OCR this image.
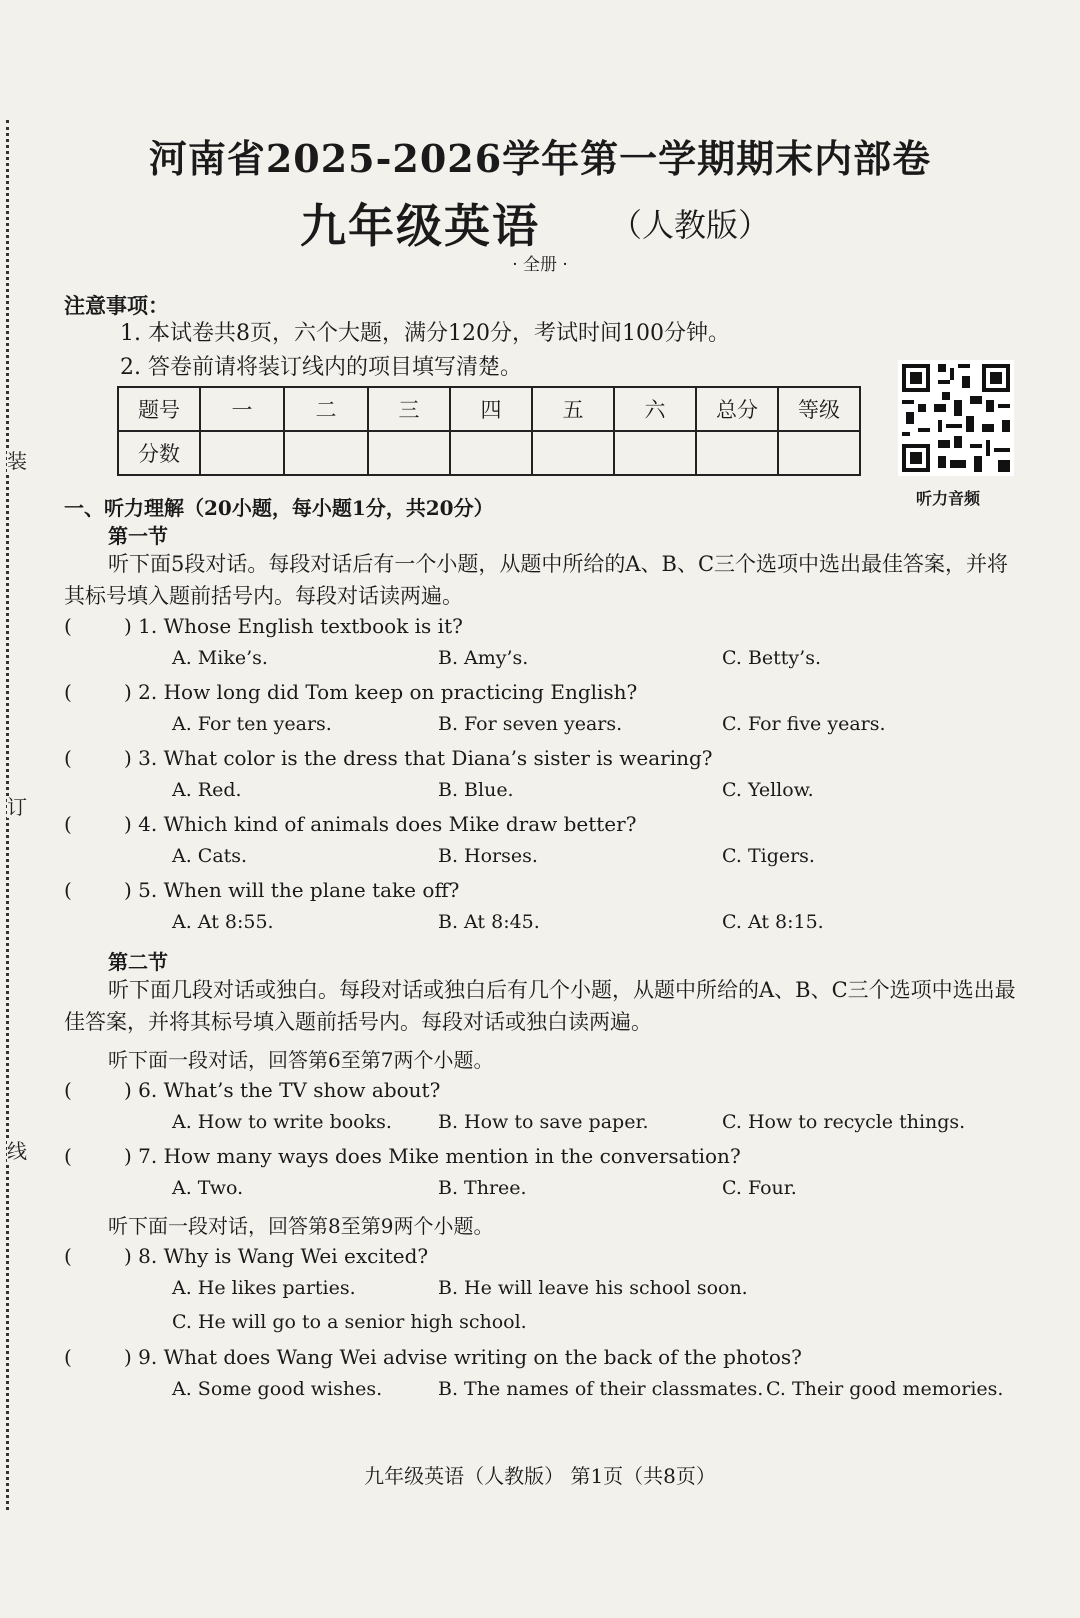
装
订
线
河南省2025-2026学年第一学期期末内部卷
九年级英语 （人教版）
· 全册 ·
注意事项：
1. 本试卷共8页，六个大题，满分120分，考试时间100分钟。
2. 答卷前请将装订线内的项目填写清楚。
题号	一	二	三	四	五	六	总分	等级
分数								
听力音频
一、听力理解（20小题，每小题1分，共20分）
第一节
听下面5段对话。每段对话后有一个小题，从题中所给的A、B、C三个选项中选出最佳答案，并将其标号填入题前括号内。每段对话读两遍。
(	) 1. Whose English textbook is it?
A. Mike’s.	B. Amy’s.	C. Betty’s.
(	) 2. How long did Tom keep on practicing English?
A. For ten years.	B. For seven years.	C. For five years.
(	) 3. What color is the dress that Diana’s sister is wearing?
A. Red.	B. Blue.	C. Yellow.
(	) 4. Which kind of animals does Mike draw better?
A. Cats.	B. Horses.	C. Tigers.
(	) 5. When will the plane take off?
A. At 8:55.	B. At 8:45.	C. At 8:15.
第二节
听下面几段对话或独白。每段对话或独白后有几个小题，从题中所给的A、B、C三个选项中选出最佳答案，并将其标号填入题前括号内。每段对话或独白读两遍。
听下面一段对话，回答第6至第7两个小题。
(	) 6. What’s the TV show about?
A. How to write books. B. How to save paper.	C. How to recycle things.
(	) 7. How many ways does Mike mention in the conversation?
A. Two.	B. Three.	C. Four.
听下面一段对话，回答第8至第9两个小题。
(	) 8. Why is Wang Wei excited?
A. He likes parties.	B. He will leave his school soon.
C. He will go to a senior high school.
(	) 9. What does Wang Wei advise writing on the back of the photos?
A. Some good wishes.	B. The names of their classmates. C. Their good memories.
九年级英语（人教版） 第1页（共8页）
